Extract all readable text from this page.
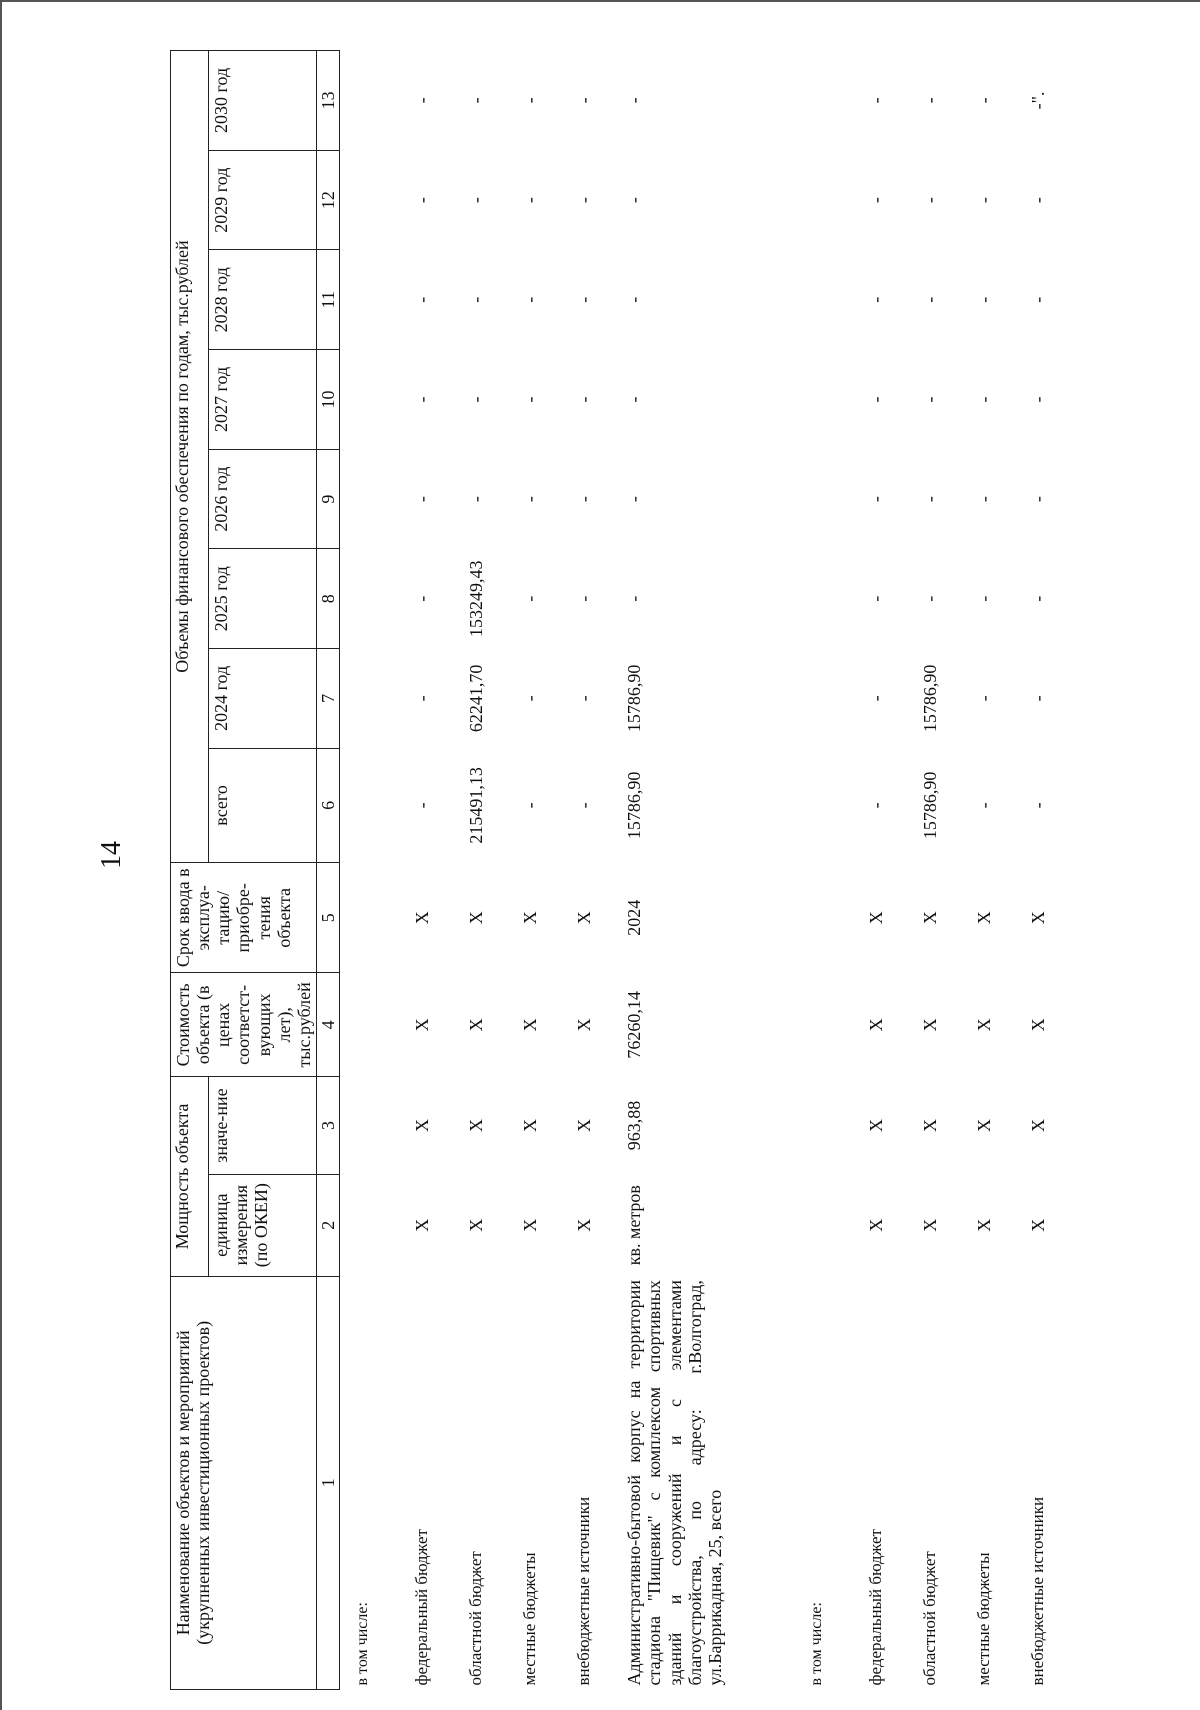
14
Наименование объектов и мероприятий (укрупненных инвестиционных проектов)	Мощность объекта		Стоимость объекта (в ценах соответст-вующих лет), тыс.рублей	Срок ввода в эксплуа-тацию/ приобре-тения объекта	Объемы финансового обеспечения по годам, тыс.рублей							
	единица измерения (по ОКЕИ)	значе-ние			всего	2024 год	2025 год	2026 год	2027 год	2028 год	2029 год	2030 год
1	2	3	4	5	6	7	8	9	10	11	12	13
в том числе:												
федеральный бюджет	X	X	X	X	-	-	-	-	-	-	-	-
областной бюджет	X	X	X	X	215491,13	62241,70	153249,43	-	-	-	-	-
местные бюджеты	X	X	X	X	-	-	-	-	-	-	-	-
внебюджетные источники	X	X	X	X	-	-	-	-	-	-	-	-
Административно-бытовой корпус на территории стадиона "Пищевик" с комплексом спортивных зданий и сооружений и с элементами благоустройства, по адресу: г.Волгоград, ул.Баррикадная, 25, всего	кв. метров	963,88	76260,14	2024	15786,90	15786,90	-	-	-	-	-	-
в том числе:												
федеральный бюджет	X	X	X	X	-	-	-	-	-	-	-	-
областной бюджет	X	X	X	X	15786,90	15786,90	-	-	-	-	-	-
местные бюджеты	X	X	X	X	-	-	-	-	-	-	-	-
внебюджетные источники	X	X	X	X	-	-	-	-	-	-	-	-".
